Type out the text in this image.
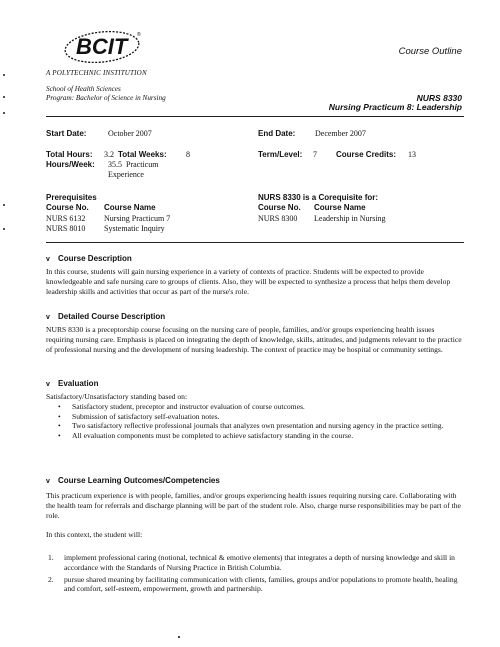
BCIT	®
A POLYTECHNIC INSTITUTION
School of Health Sciences
Program: Bachelor of Science in Nursing
Course Outline
NURS 8330
Nursing Practicum 8: Leadership
Start Date:	October 2007	End Date: December 2007
Total Hours: 3.2 Total Weeks: 8	Term/Level: 7 Course Credits: 13
Hours/Week: 35.5 Practicum
Experience
Prerequisites
Course No. Course Name
NURS 6132 Nursing Practicum 7
NURS 8010 Systematic Inquiry
NURS 8330 is a Corequisite for:
Course No. Course Name
NURS 8300 Leadership in Nursing
v Course Description
In this course, students will gain nursing experience in a variety of contexts of practice. Students will be expected to provide knowledgeable and safe nursing care to groups of clients. Also, they will be expected to synthesize a process that helps them develop leadership skills and activities that occur as part of the nurse's role.
v Detailed Course Description
NURS 8330 is a preceptorship course focusing on the nursing care of people, families, and/or groups experiencing health issues requiring nursing care. Emphasis is placed on integrating the depth of knowledge, skills, attitudes, and judgments relevant to the practice of professional nursing and the development of nursing leadership. The context of practice may be hospital or community settings.
v Evaluation
Satisfactory/Unsatisfactory standing based on:
• Satisfactory student, preceptor and instructor evaluation of course outcomes.
• Submission of satisfactory self-evaluation notes.
• Two satisfactory reflective professional journals that analyzes own presentation and nursing agency in the practice setting.
• All evaluation components must be completed to achieve satisfactory standing in the course.
v Course Learning Outcomes/Competencies
This practicum experience is with people, families, and/or groups experiencing health issues requiring nursing care. Collaborating with the health team for referrals and discharge planning will be part of the student role. Also, charge nurse responsibilities may be part of the role.
In this context, the student will:
1. implement professional caring (notional, technical & emotive elements) that integrates a depth of nursing knowledge and skill in accordance with the Standards of Nursing Practice in British Columbia.
2. pursue shared meaning by facilitating communication with clients, families, groups and/or populations to promote health, healing and comfort, self-esteem, empowerment, growth and partnership.
